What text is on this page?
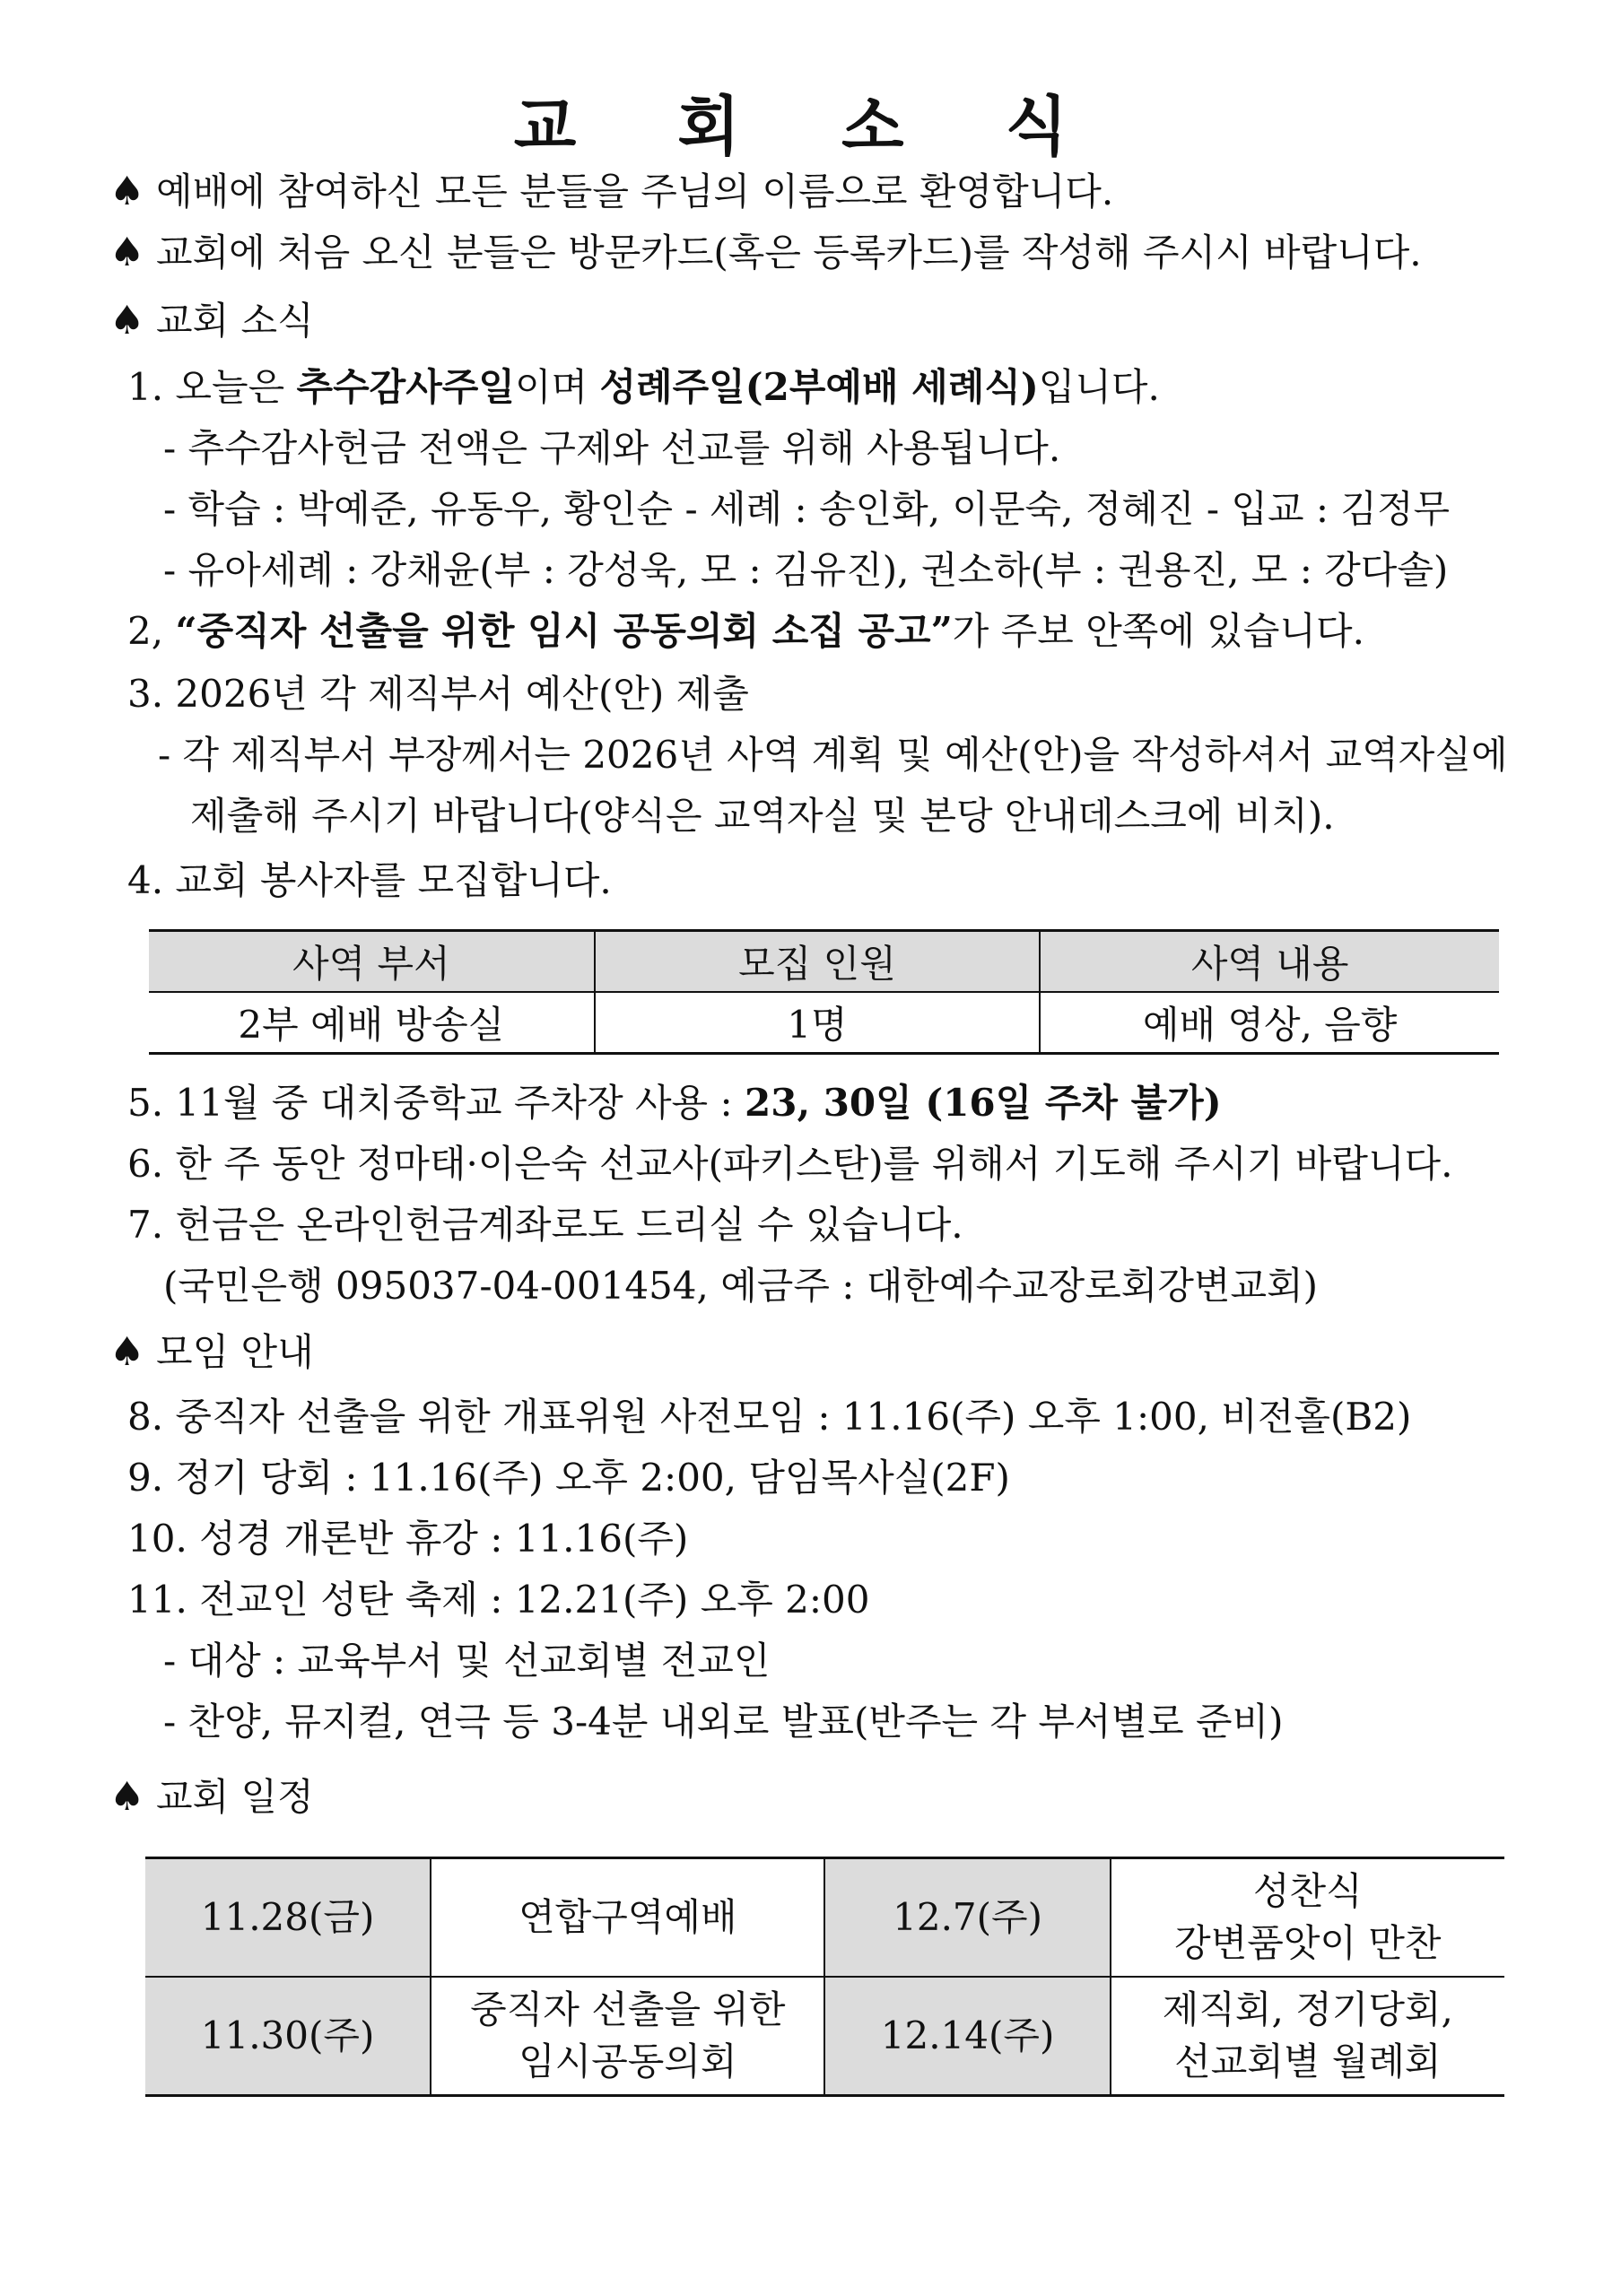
교 회 소 식
♠ 예배에 참여하신 모든 분들을 주님의 이름으로 환영합니다.
♠ 교회에 처음 오신 분들은 방문카드(혹은 등록카드)를 작성해 주시시 바랍니다.
♠ 교회 소식
1. 오늘은 추수감사주일이며 성례주일(2부예배 세례식)입니다.
- 추수감사헌금 전액은 구제와 선교를 위해 사용됩니다.
- 학습 : 박예준, 유동우, 황인순 - 세례 : 송인화, 이문숙, 정혜진 - 입교 : 김정무
- 유아세례 : 강채윤(부 : 강성욱, 모 : 김유진), 권소하(부 : 권용진, 모 : 강다솔)
2, “중직자 선출을 위한 임시 공동의회 소집 공고”가 주보 안쪽에 있습니다.
3. 2026년 각 제직부서 예산(안) 제출
- 각 제직부서 부장께서는 2026년 사역 계획 및 예산(안)을 작성하셔서 교역자실에
제출해 주시기 바랍니다(양식은 교역자실 및 본당 안내데스크에 비치).
4. 교회 봉사자를 모집합니다.
사역 부서	모집 인원	사역 내용
2부 예배 방송실	1명	예배 영상, 음향
5. 11월 중 대치중학교 주차장 사용 : 23, 30일 (16일 주차 불가)
6. 한 주 동안 정마태·이은숙 선교사(파키스탄)를 위해서 기도해 주시기 바랍니다.
7. 헌금은 온라인헌금계좌로도 드리실 수 있습니다.
(국민은행 095037-04-001454, 예금주 : 대한예수교장로회강변교회)
♠ 모임 안내
8. 중직자 선출을 위한 개표위원 사전모임 : 11.16(주) 오후 1:00, 비전홀(B2)
9. 정기 당회 : 11.16(주) 오후 2:00, 담임목사실(2F)
10. 성경 개론반 휴강 : 11.16(주)
11. 전교인 성탄 축제 : 12.21(주) 오후 2:00
- 대상 : 교육부서 및 선교회별 전교인
- 찬양, 뮤지컬, 연극 등 3-4분 내외로 발표(반주는 각 부서별로 준비)
♠ 교회 일정
11.28(금)	연합구역예배	12.7(주)	성찬식
강변품앗이 만찬

11.30(주)	중직자 선출을 위한
임시공동의회	12.14(주)	제직회, 정기당회,
선교회별 월례회
